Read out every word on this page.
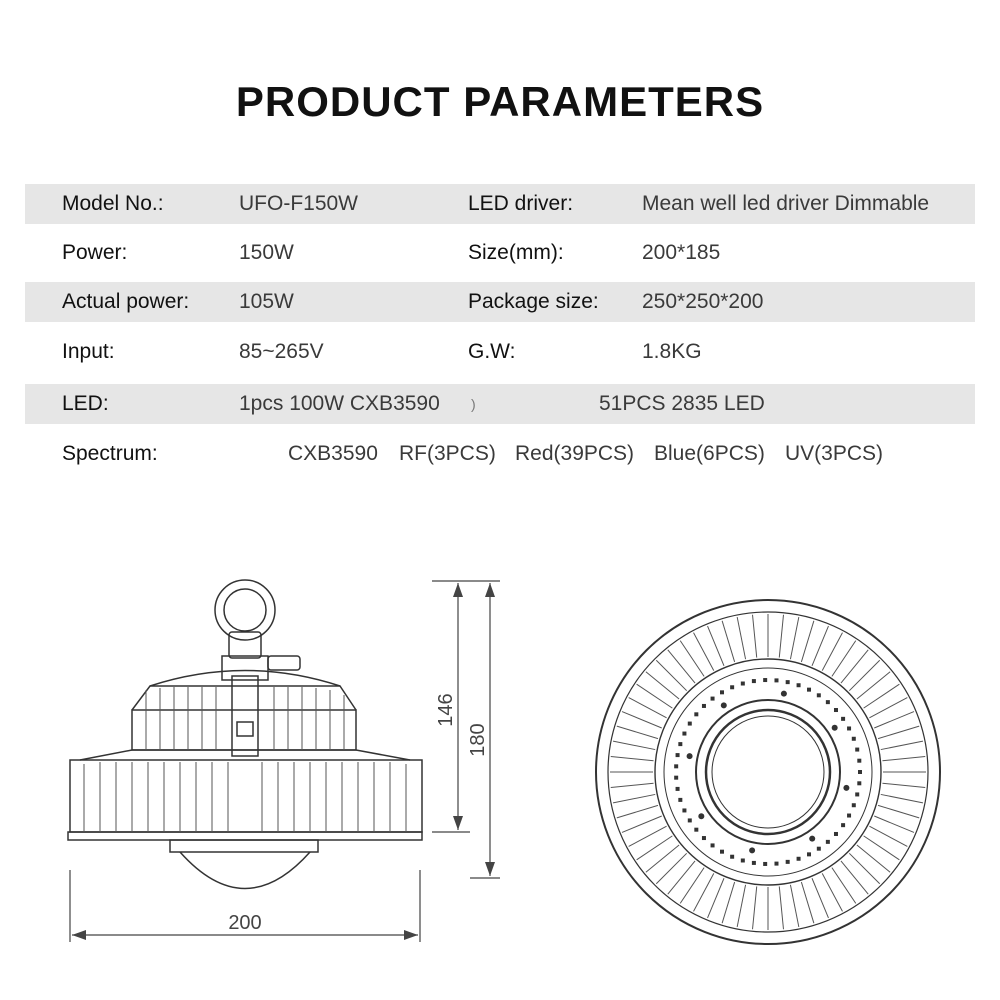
PRODUCT PARAMETERS
Model No.:	UFO-F150W	LED driver:	Mean well led driver Dimmable
Power:	150W	Size(mm):	200*185
Actual power: 105W	Package size: 250*250*200
Input:	85~265V	G.W:	1.8KG
LED:	1pcs 100W CXB3590 )	51PCS 2835 LED
Spectrum:	CXB3590 RF(3PCS) Red(39PCS) Blue(6PCS) UV(3PCS)
200
146
180
